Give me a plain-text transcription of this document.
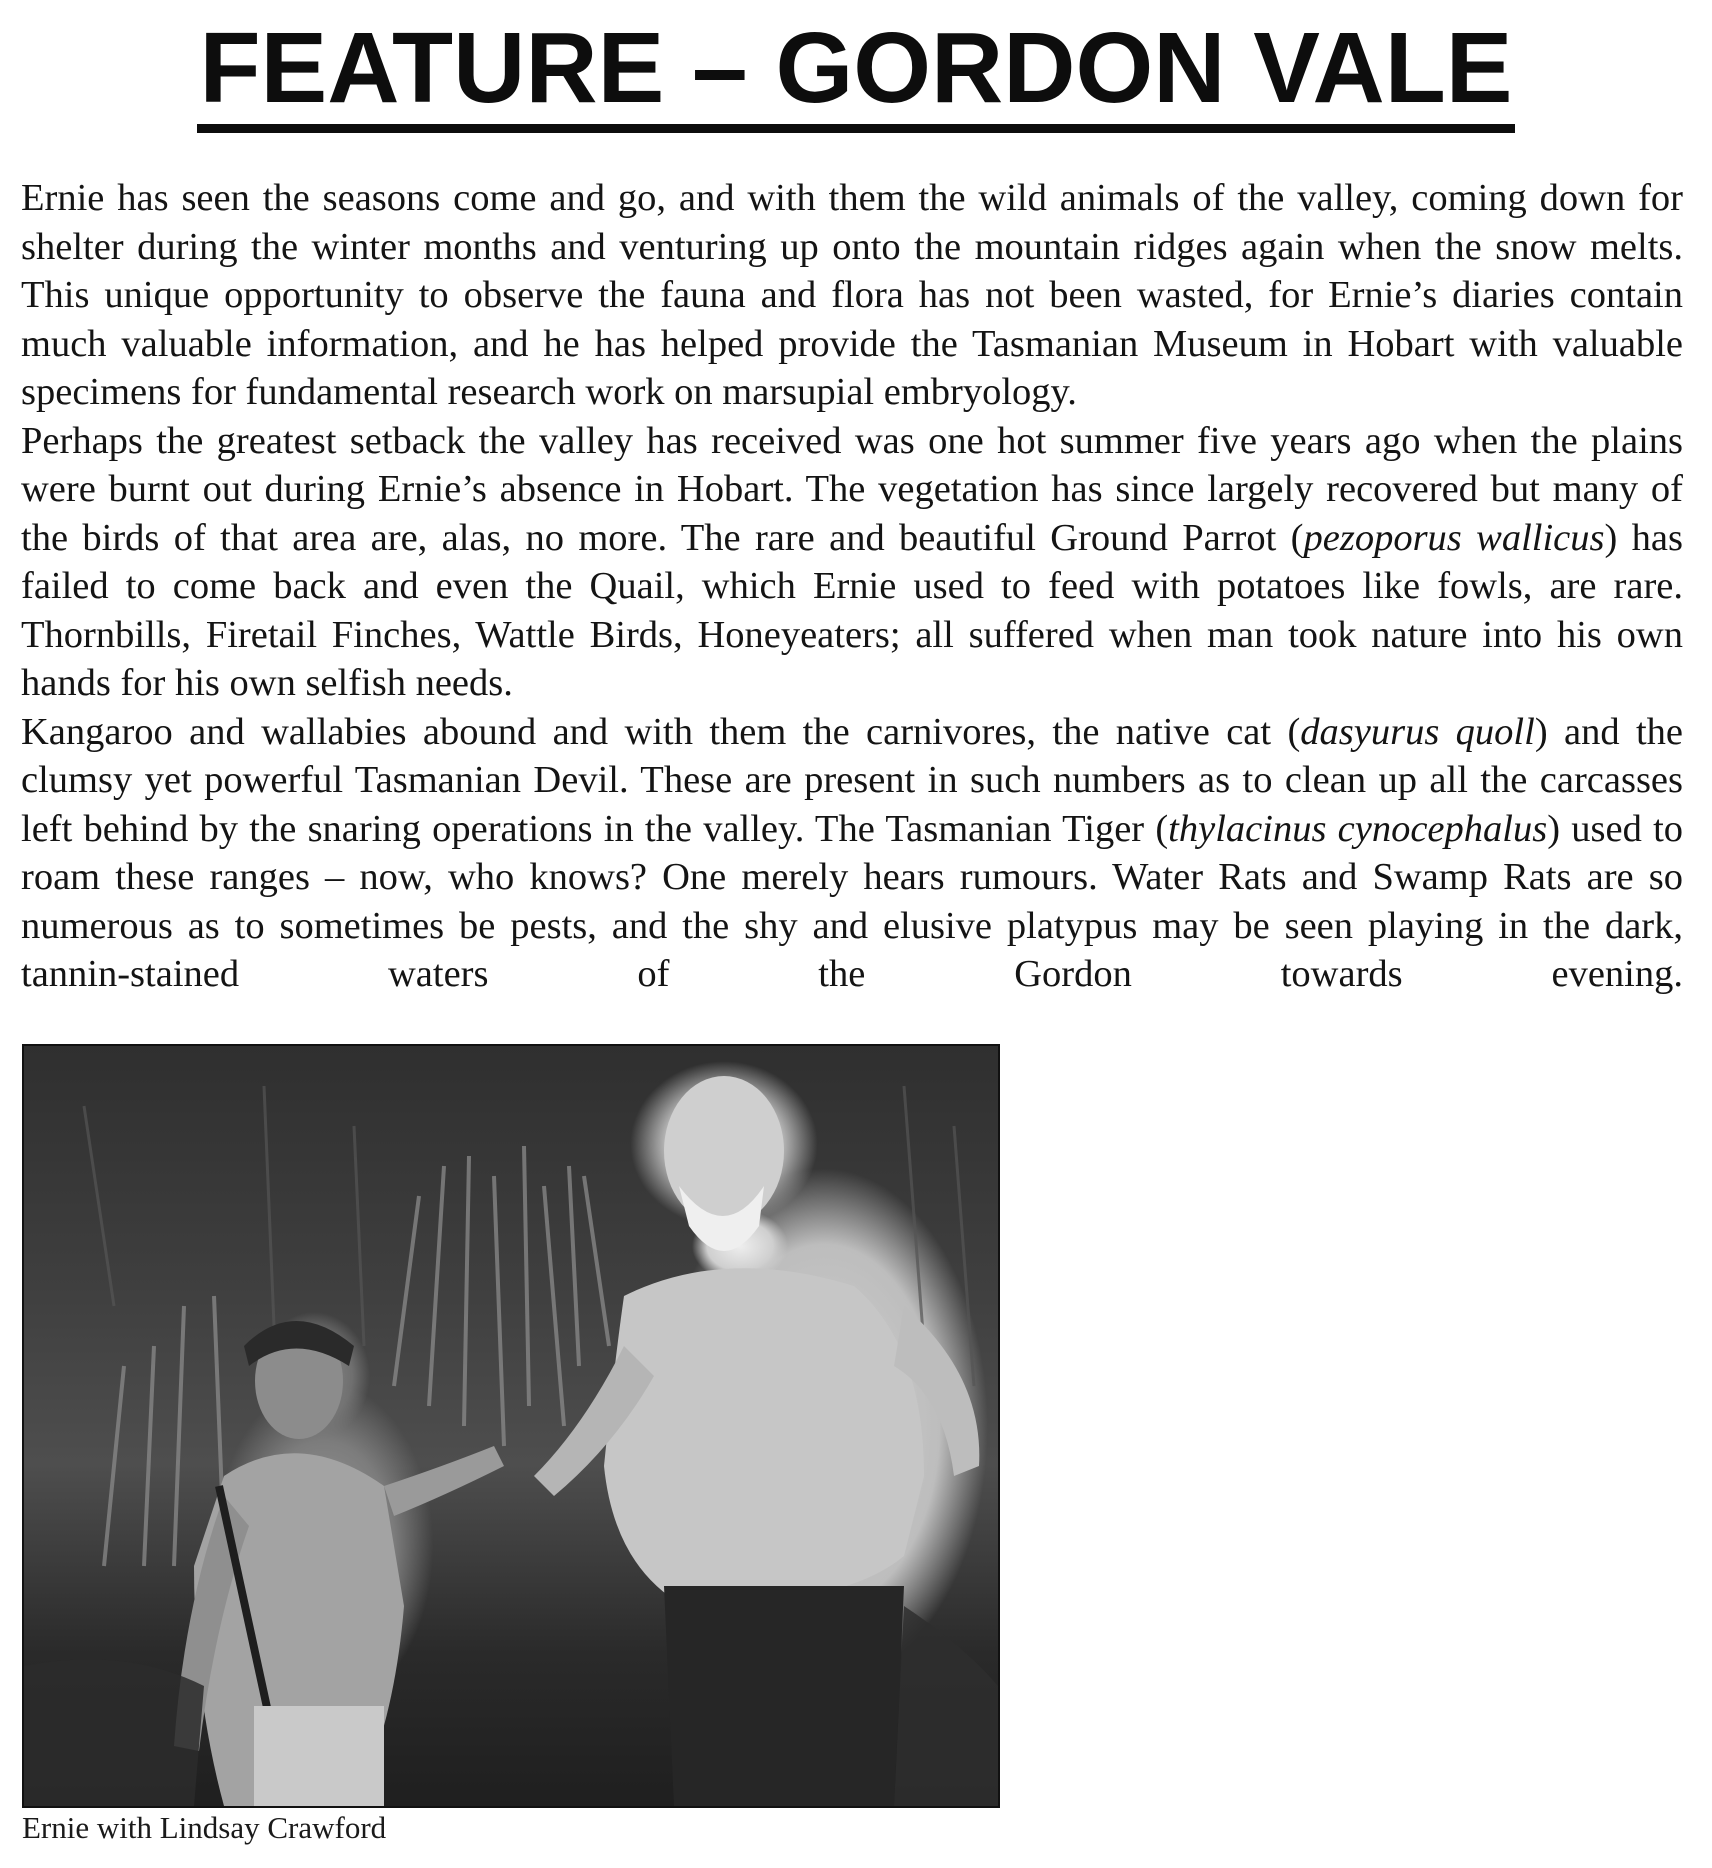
FEATURE – GORDON VALE

Ernie has seen the seasons come and go, and with them the wild animals of the valley, coming down for shelter during the winter months and venturing up onto the mountain ridges again when the snow melts. This unique opportunity to observe the fauna and flora has not been wasted, for Ernie’s diaries contain much valuable information, and he has helped provide the Tasmanian Museum in Hobart with valuable specimens for fundamental research work on marsupial embryology.

Perhaps the greatest setback the valley has received was one hot summer five years ago when the plains were burnt out during Ernie’s absence in Hobart. The vegetation has since largely recovered but many of the birds of that area are, alas, no more. The rare and beautiful Ground Parrot (pezoporus wallicus) has failed to come back and even the Quail, which Ernie used to feed with potatoes like fowls, are rare. Thornbills, Firetail Finches, Wattle Birds, Honeyeaters; all suffered when man took nature into his own hands for his own selfish needs.

Kangaroo and wallabies abound and with them the carnivores, the native cat (dasyurus quoll) and the clumsy yet powerful Tasmanian Devil. These are present in such numbers as to clean up all the carcasses left behind by the snaring operations in the valley. The Tasmanian Tiger (thylacinus cynocephalus) used to roam these ranges – now, who knows? One merely hears rumours. Water Rats and Swamp Rats are so numerous as to sometimes be pests, and the shy and elusive platypus may be seen playing in the dark, tannin-stained waters of the Gordon towards evening.

Ernie with Lindsay Crawford
